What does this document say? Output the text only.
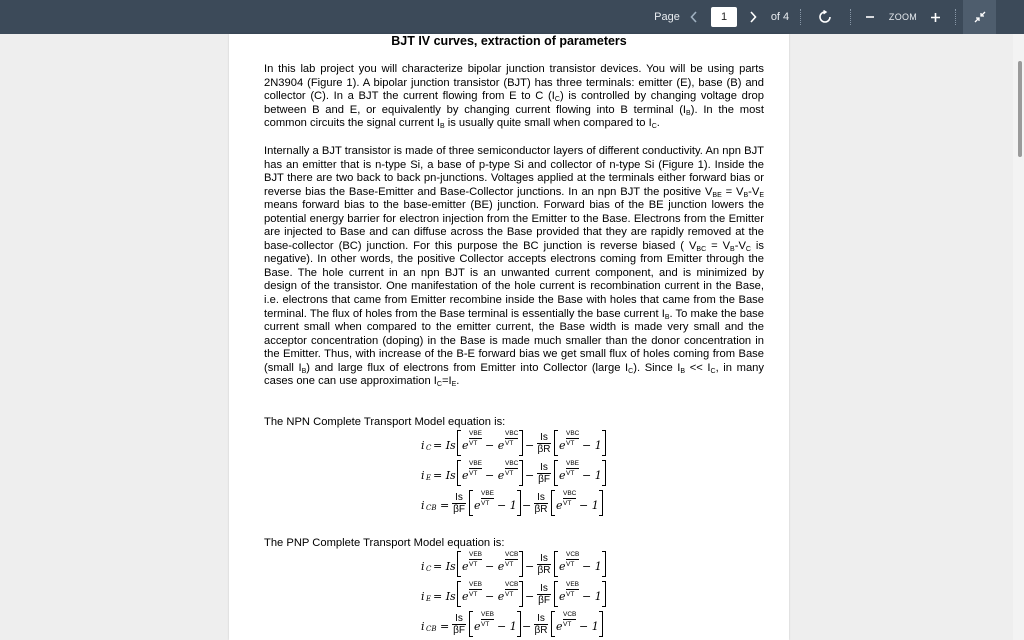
Page	1	of 4	ZOOM
BJT IV curves, extraction of parameters

In this lab project you will characterize bipolar junction transistor devices. You will be using parts 2N3904 (Figure 1). A bipolar junction transistor (BJT) has three terminals: emitter (E), base (B) and collector (C). In a BJT the current flowing from E to C $(I_C)$ is controlled by changing voltage drop between B and E, or equivalently by changing current flowing into B terminal $(I_B)$. In the most common circuits the signal current $I_B$ is usually quite small when compared to $I_C$.

Internally a BJT transistor is made of three semiconductor layers of different conductivity. An npn BJT has an emitter that is n-type Si, a base of p-type Si and collector of n-type Si (Figure 1). Inside the BJT there are two back to back pn-junctions. Voltages applied at the terminals either forward bias or reverse bias the Base-Emitter and Base-Collector junctions. In an npn BJT the positive $V_{BE} = V_B-V_E$ means forward bias to the base-emitter (BE) junction. Forward bias of the BE junction lowers the potential energy barrier for electron injection from the Emitter to the Base. Electrons from the Emitter are injected to Base and can diffuse across the Base provided that they are rapidly removed at the base-collector (BC) junction. For this purpose the BC junction is reverse biased ( $V_{BC} = V_B-V_C$ is negative). In other words, the positive Collector accepts electrons coming from Emitter through the Base. The hole current in an npn BJT is an unwanted current component, and is minimized by design of the transistor. One manifestation of the hole current is recombination current in the Base, i.e. electrons that came from Emitter recombine inside the Base with holes that came from the Base terminal. The flux of holes from the Base terminal is essentially the base current $I_B$. To make the base current small when compared to the emitter current, the Base width is made very small and the acceptor concentration (doping) in the Base is made much smaller than the donor concentration in the Emitter. Thus, with increase of the B-E forward bias we get small flux of holes coming from Base (small $I_B$) and large flux of electrons from Emitter into Collector (large $I_C$). Since $I_B << I_C$, in many cases one can use approximation $I_C=I_E$.

The NPN Complete Transport Model equation is:
i C = Is e
VBE
VT − e
VBC
VT	−
Is
βR e
VBC
VT − 1
i E = Is e
VBE
VT − e
VBC
VT	−
Is
βF e
VBE
VT − 1
i CB =
Is
βF e
VBE
VT − 1 −
Is
βR e
VBC
VT − 1
The PNP Complete Transport Model equation is:
i C = Is e
VEB
VT − e
VCB
VT	−
Is
βR e
VCB
VT − 1
i E = Is e
VEB
VT − e
VCB
VT	−
Is
βF e
VEB
VT − 1
i CB =
Is
βF e
VEB
VT − 1 −
Is
βR e
VCB
VT − 1
